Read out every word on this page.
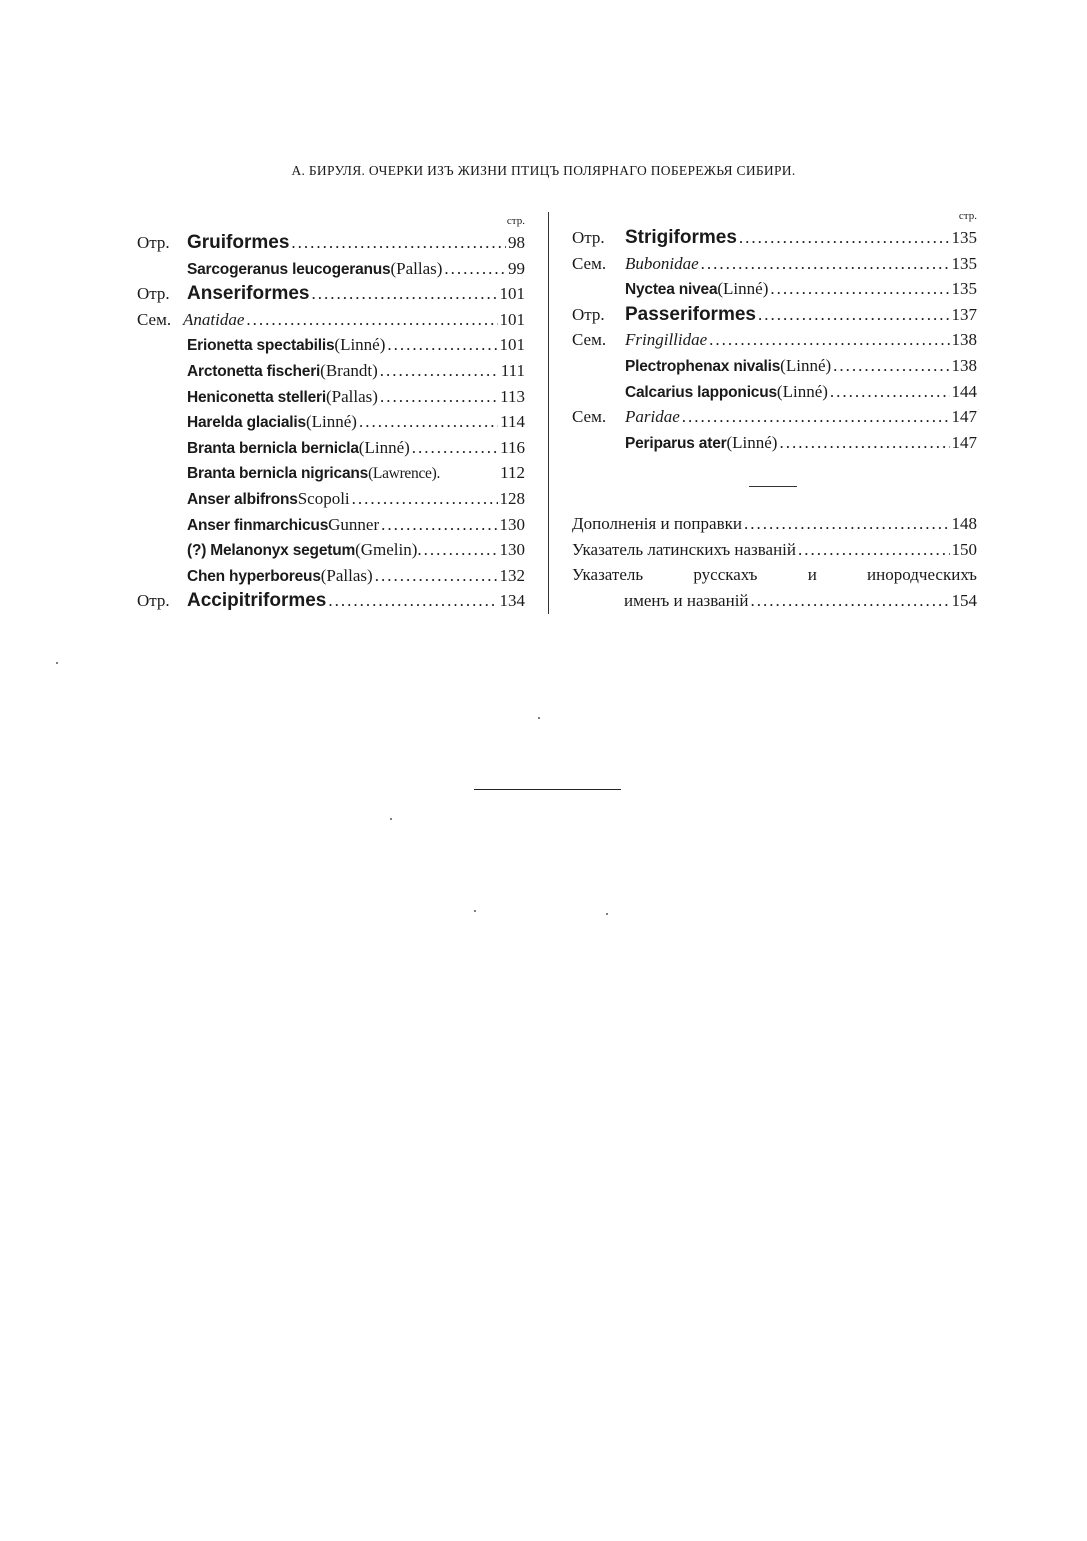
А. БИРУЛЯ. ОЧЕРКИ ИЗЪ ЖИЗНИ ПТИЦЪ ПОЛЯРНАГО ПОБЕРЕЖЬЯ СИБИРИ.
стр.
Отр. Gruiformes .....	98
Sarcogeranus leucogeranus (Pallas) .....	99
Отр. Anseriformes .....	101
Сем. Anatidae .....	101
Erionetta spectabilis (Linné) .....	101
Arctonetta fischeri (Brandt) .....	111
Heniconetta stelleri (Pallas) .....	113
Harelda glacialis (Linné) .....	114
Branta bernicla bernicla (Linné) .....	116
Branta bernicla nigricans (Lawrence).	112
Anser albifrons Scopoli .....	128
Anser finmarchicus Gunner .....	130
(?) Melanonyx segetum (Gmelin). .....	130
Chen hyperboreus (Pallas) .....	132
Отр. Accipitriformes .....	134
стр.
Отр.	Strigiformes .....	135
Сем.	Bubonidae .....	135
Nyctea nivea (Linné) .....	135
Отр.	Passeriformes .....	137
Сем.	Fringillidae .....	138
Plectrophenax nivalis (Linné) .....	138
Calcarius lapponicus (Linné) .....	144
Сем.	Paridae .....	147
Periparus ater (Linné) .....	147
Дополненія и поправки .....	148
Указатель латинскихъ названій .....	150
Указатель	русскахъ	и	инородческихъ
именъ и названій .....	154
